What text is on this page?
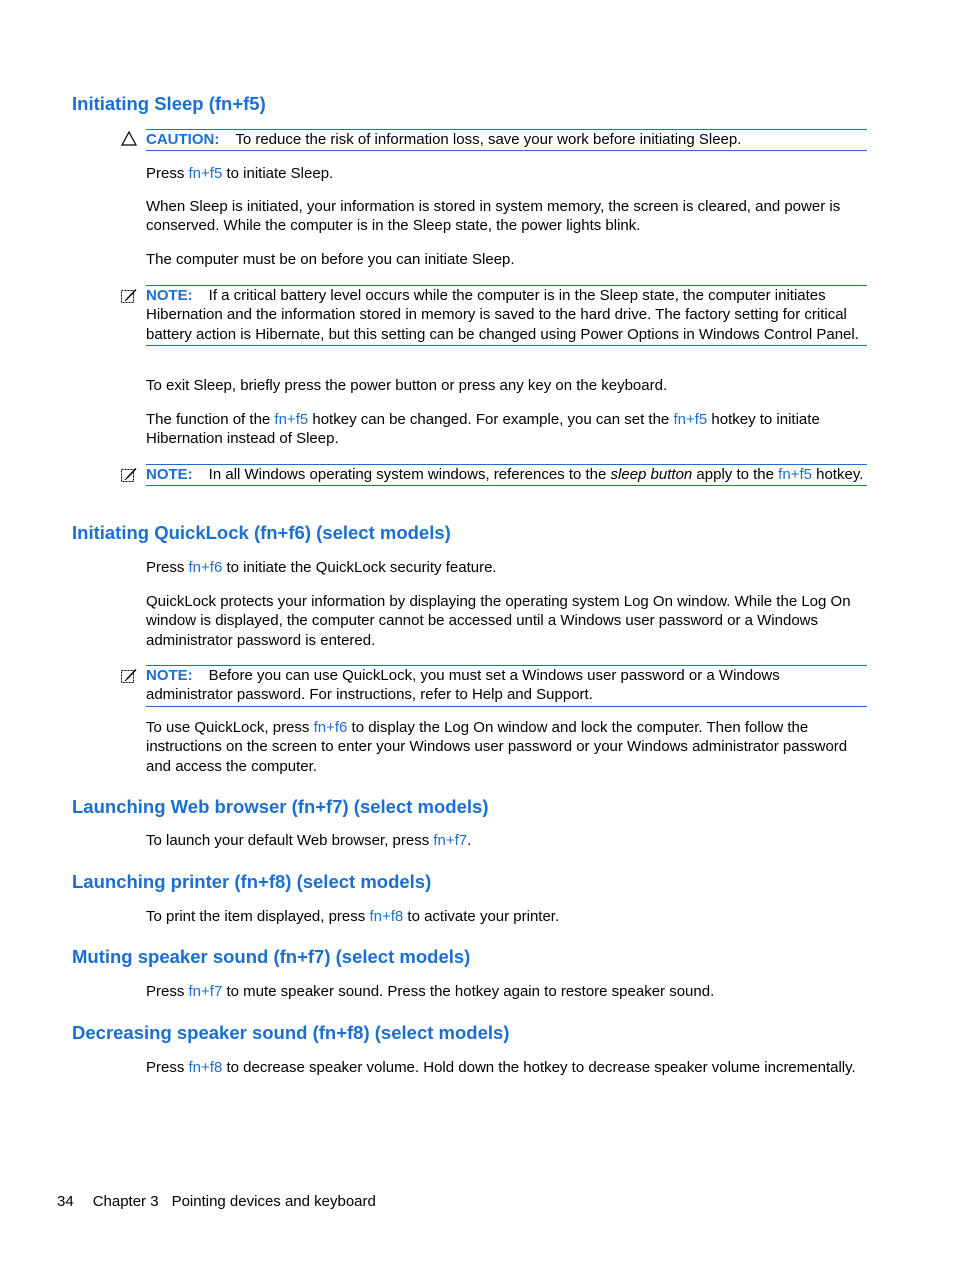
Initiating Sleep (fn+f5)
CAUTION: To reduce the risk of information loss, save your work before initiating Sleep.

Press fn+f5 to initiate Sleep.

When Sleep is initiated, your information is stored in system memory, the screen is cleared, and power is conserved. While the computer is in the Sleep state, the power lights blink.

The computer must be on before you can initiate Sleep.

NOTE: If a critical battery level occurs while the computer is in the Sleep state, the computer initiates Hibernation and the information stored in memory is saved to the hard drive. The factory setting for critical battery action is Hibernate, but this setting can be changed using Power Options in Windows Control Panel.

To exit Sleep, briefly press the power button or press any key on the keyboard.

The function of the fn+f5 hotkey can be changed. For example, you can set the fn+f5 hotkey to initiate Hibernation instead of Sleep.

NOTE: In all Windows operating system windows, references to the sleep button apply to the fn+f5 hotkey.
Initiating QuickLock (fn+f6) (select models)

Press fn+f6 to initiate the QuickLock security feature.

QuickLock protects your information by displaying the operating system Log On window. While the Log On window is displayed, the computer cannot be accessed until a Windows user password or a Windows administrator password is entered.

NOTE: Before you can use QuickLock, you must set a Windows user password or a Windows administrator password. For instructions, refer to Help and Support.

To use QuickLock, press fn+f6 to display the Log On window and lock the computer. Then follow the instructions on the screen to enter your Windows user password or your Windows administrator password and access the computer.

Launching Web browser (fn+f7) (select models)

To launch your default Web browser, press fn+f7.

Launching printer (fn+f8) (select models)

To print the item displayed, press fn+f8 to activate your printer.

Muting speaker sound (fn+f7) (select models)

Press fn+f7 to mute speaker sound. Press the hotkey again to restore speaker sound.

Decreasing speaker sound (fn+f8) (select models)

Press fn+f8 to decrease speaker volume. Hold down the hotkey to decrease speaker volume incrementally.

34 Chapter 3 Pointing devices and keyboard
